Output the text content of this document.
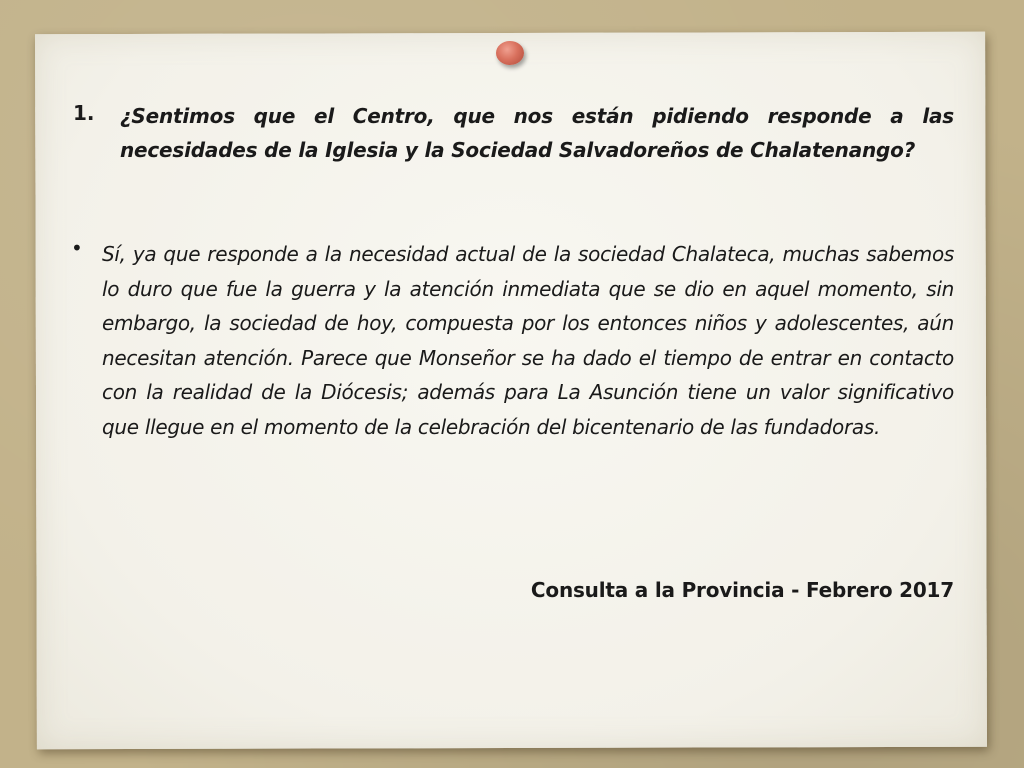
1. ¿Sentimos que el Centro, que nos están pidiendo responde a las necesidades de la Iglesia y la Sociedad Salvadoreños de Chalatenango?
• Sí, ya que responde a la necesidad actual de la sociedad Chalateca, muchas sabemos lo duro que fue la guerra y la atención inmediata que se dio en aquel momento, sin embargo, la sociedad de hoy, compuesta por los entonces niños y adolescentes, aún necesitan atención. Parece que Monseñor se ha dado el tiempo de entrar en contacto con la realidad de la Diócesis; además para La Asunción tiene un valor significativo que llegue en el momento de la celebración del bicentenario de las fundadoras.
Consulta a la Provincia - Febrero 2017
